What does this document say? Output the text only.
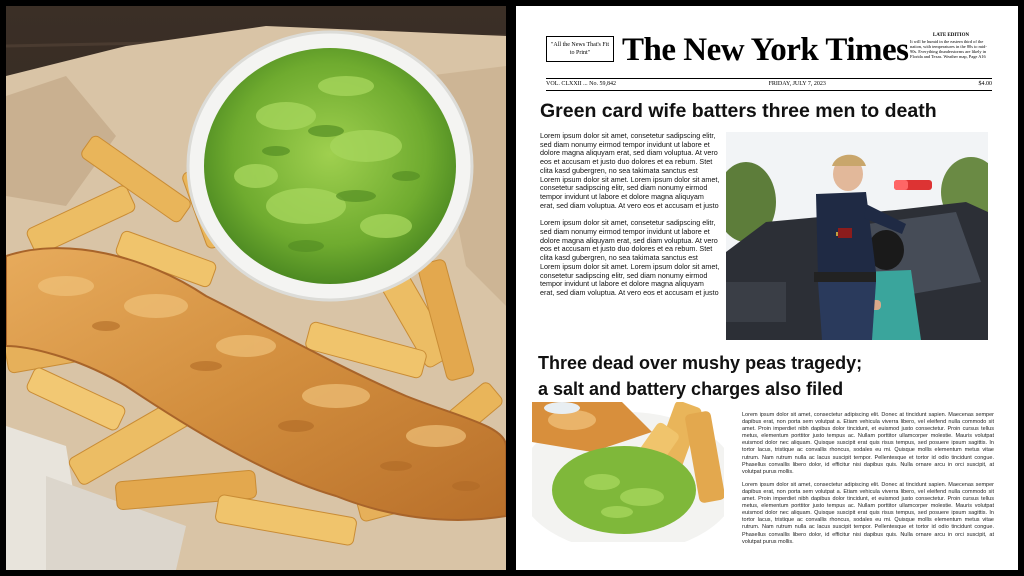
"All the News That's Fit to Print" The New York Times	LATE EDITION
It will be humid in the eastern third of the nation, with temperatures in the 80s to mid-90s. Everything thunderstorms are likely in Florida and Texas. Weather map, Page A16
VOL. CLXXII ... No. 59,842	FRIDAY, JULY 7, 2023	$4.00
Green card wife batters three men to death

Lorem ipsum dolor sit amet, consetetur sadipscing elitr, sed diam nonumy eirmod tempor invidunt ut labore et dolore magna aliquyam erat, sed diam voluptua. At vero eos et accusam et justo duo dolores et ea rebum. Stet clita kasd gubergren, no sea takimata sanctus est Lorem ipsum dolor sit amet. Lorem ipsum dolor sit amet, consetetur sadipscing elitr, sed diam nonumy eirmod tempor invidunt ut labore et dolore magna aliquyam erat, sed diam voluptua. At vero eos et accusam et justo

Lorem ipsum dolor sit amet, consetetur sadipscing elitr, sed diam nonumy eirmod tempor invidunt ut labore et dolore magna aliquyam erat, sed diam voluptua. At vero eos et accusam et justo duo dolores et ea rebum. Stet clita kasd gubergren, no sea takimata sanctus est Lorem ipsum dolor sit amet. Lorem ipsum dolor sit amet, consetetur sadipscing elitr, sed diam nonumy eirmod tempor invidunt ut labore et dolore magna aliquyam erat, sed diam voluptua. At vero eos et accusam et justo

Three dead over mushy peas tragedy;
a salt and battery charges also filed

Lorem ipsum dolor sit amet, consectetur adipiscing elit. Donec at tincidunt sapien. Maecenas semper dapibus erat, non porta sem volutpat a. Etiam vehicula viverra libero, vel eleifend nulla commodo sit amet. Proin imperdiet nibh dapibus dolor tincidunt, et euismod justo consectetur. Proin cursus tellus metus, elementum porttitor justo tempus ac. Nullam porttitor ullamcorper molestie. Mauris volutpat euismod dolor nec aliquam. Quisque suscipit erat quis risus tempus, sed posuere ipsum sagittis. In tortor lacus, tristique ac convallis rhoncus, sodales eu mi. Quisque mollis elementum metus vitae rutrum. Nam rutrum nulla ac lacus suscipit tempor. Pellentesque et tortor id odio tincidunt congue. Phasellus convallis libero dolor, id efficitur nisi dapibus quis. Nulla ornare arcu in orci suscipit, at volutpat purus mollis.

Lorem ipsum dolor sit amet, consectetur adipiscing elit. Donec at tincidunt sapien. Maecenas semper dapibus erat, non porta sem volutpat a. Etiam vehicula viverra libero, vel eleifend nulla commodo sit amet. Proin imperdiet nibh dapibus dolor tincidunt, et euismod justo consectetur. Proin cursus tellus metus, elementum porttitor justo tempus ac. Nullam porttitor ullamcorper molestie. Mauris volutpat euismod dolor nec aliquam. Quisque suscipit erat quis risus tempus, sed posuere ipsum sagittis. In tortor lacus, tristique ac convallis rhoncus, sodales eu mi. Quisque mollis elementum metus vitae rutrum. Nam rutrum nulla ac lacus suscipit tempor. Pellentesque et tortor id odio tincidunt congue. Phasellus convallis libero dolor, id efficitur nisi dapibus quis. Nulla ornare arcu in orci suscipit, at volutpat purus mollis.
